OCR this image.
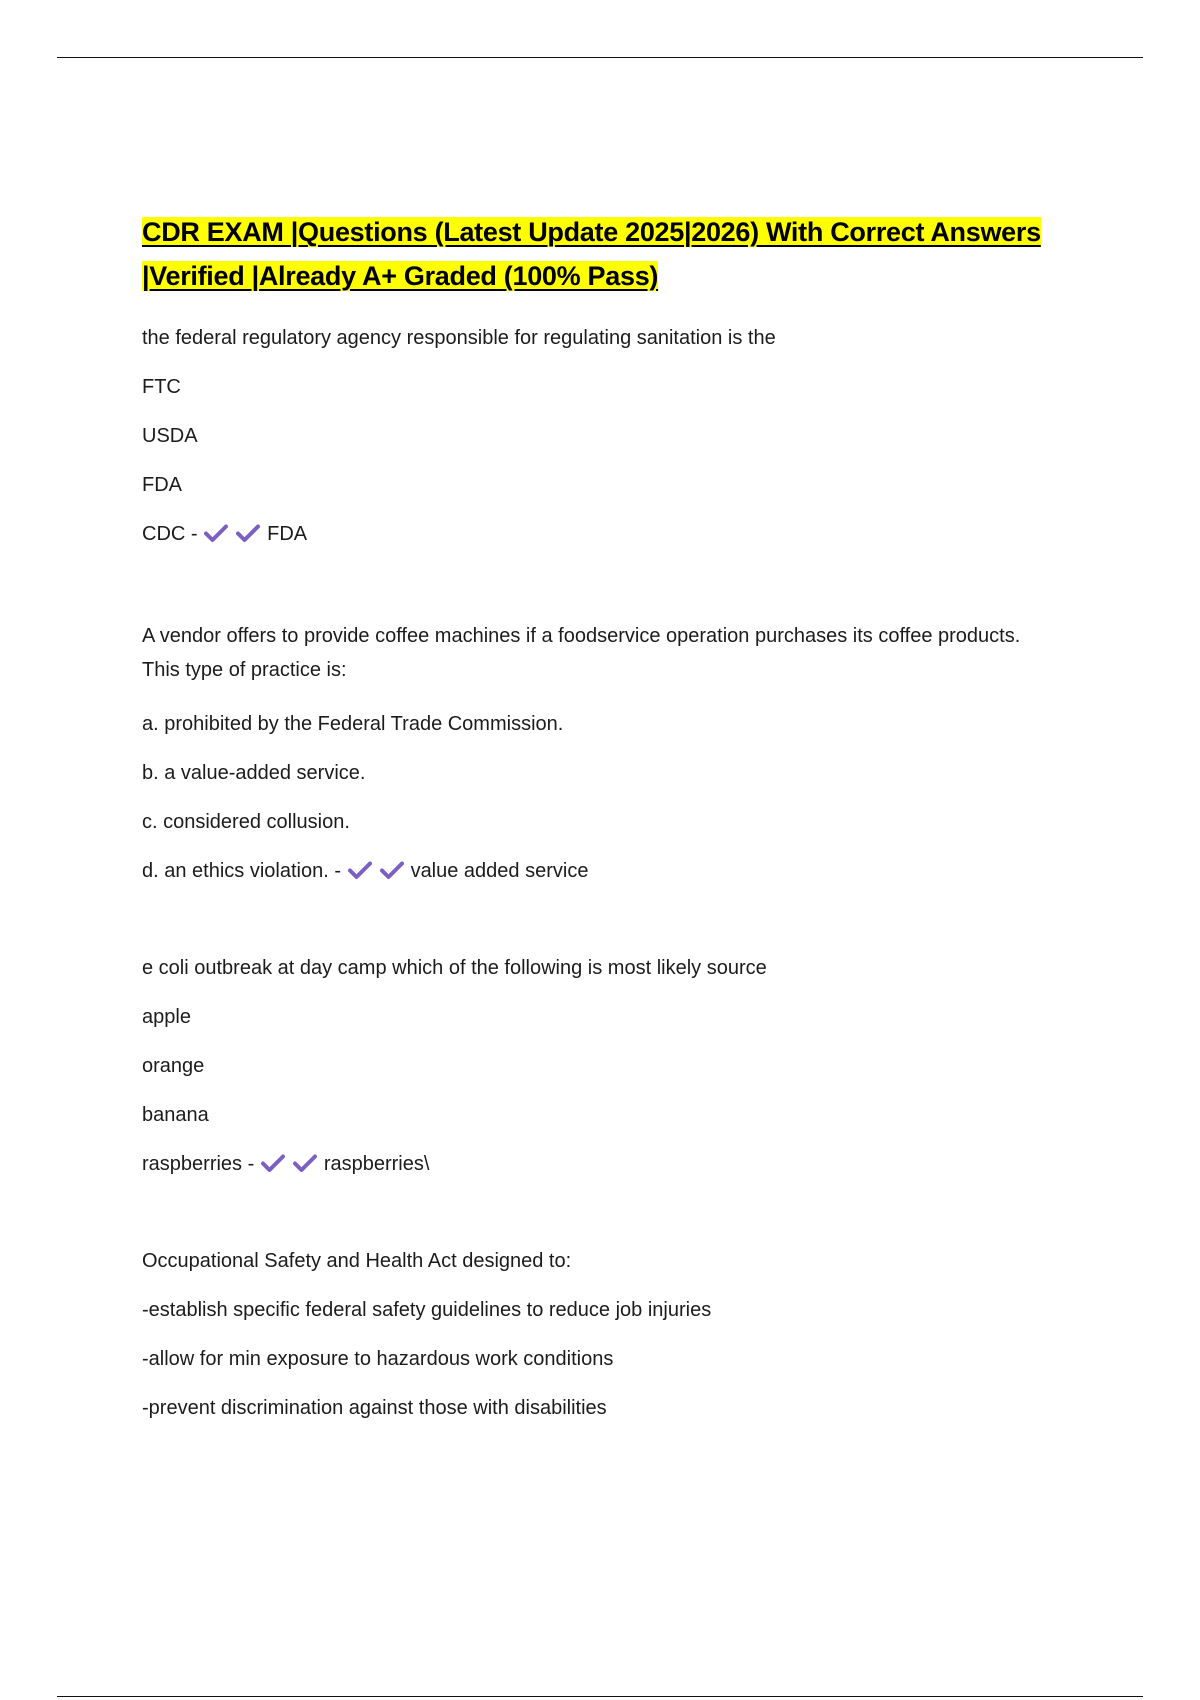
CDR EXAM |Questions (Latest Update 2025|2026) With Correct Answers |Verified |Already A+ Graded (100% Pass)
the federal regulatory agency responsible for regulating sanitation is the
FTC
USDA
FDA
CDC -	FDA
A vendor offers to provide coffee machines if a foodservice operation purchases its coffee products. This type of practice is:
a. prohibited by the Federal Trade Commission.
b. a value-added service.
c. considered collusion.
d. an ethics violation. -	value added service
e coli outbreak at day camp which of the following is most likely source
apple
orange
banana
raspberries -	raspberries\
Occupational Safety and Health Act designed to:
-establish specific federal safety guidelines to reduce job injuries
-allow for min exposure to hazardous work conditions
-prevent discrimination against those with disabilities
